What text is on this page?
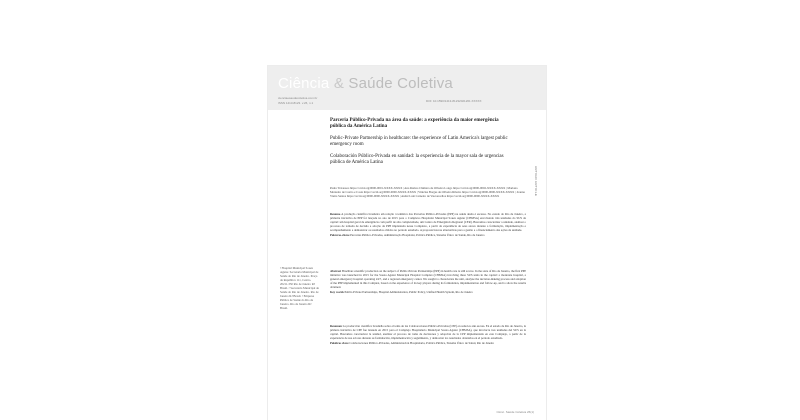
Ciência & Saúde Coletiva
cienciaesaudecoletiva.com.br
ISSN 1413-8123. v.26, n.1	DOI: 10.1590/1413-81232021261.XXXXX
ARTIGO ARTICLE
Parceria Público-Privada na área da saúde: a experiência da maior emergência pública da América Latina
Public-Private Partnership in healthcare: the experience of Latin America's largest public emergency room
Colaboración Público-Privada en sanidad: la experiencia de la mayor sala de urgencias pública de América Latina
Paula Travassos https://orcid.org/0000-0001-XXXX-XXXX | Ana Ramos Chimara de Oliveira Longo https://orcid.org/0000-0002-XXXX-XXXX | Mariana Monteiro de Castro e Costa https://orcid.org/0000-0000-XXXX-XXXX | Vinicius Borges de Oliveira Ribeiro https://orcid.org/0000-0000-XXXX-XXXX | Joanna Vieira Santos https://orcid.org/0000-0000-XXXX-XXXX | André Luiz Carneiro de Vasconcellos https://orcid.org/0000-0000-XXXX-XXXX
Resumo A produção científica brasileira em relação à temática das Parcerias Público-Privadas (PPP) na saúde ainda é escassa. No estado do Rio de Janeiro, a primeira iniciativa de PPP foi lançada no ano de 2015 para o Complexo Hospitalar Municipal Souza Aguiar (CHMSA) envolvendo três unidades do SUS da capital: um hospital geral de emergência com perfil de alta complexidade, um Centro de Emergência Regional (CER). Buscamos caracterizar a unidade, analisar o processo de tomada de decisão e adoção da PPP implantada nesse Complexo, a partir da experiência de seus atores durante a formulação, implementação e acompanhamento e demonstrar os resultados obtidos no período estudado. A proposta buscou alternativas para a gestão e o financiamento das ações da unidade.
Palavras-chave Parcerias Público-Privadas, Administração Hospitalar, Política Pública, Sistema Único de Saúde, Rio de Janeiro
Abstract Brazilian scientific production on the subject of Public-Private Partnerships (PPP) in health care is still scarce. In the state of Rio de Janeiro, the first PPP initiative was launched in 2015 for the Souza Aguiar Municipal Hospital Complex (CHMSA) involving three SUS units in the capital: a moderate hospital, a general emergency hospital operating 24/7, and a regional emergency center. We sought to characterize the unit, analyze the decision-making process and adoption of the PPP implemented in this Complex, based on the experience of its key players during its formulation, implementation and follow-up, and to show the results obtained.
Key words Public-Private Partnerships, Hospital Administration, Public Policy, Unified Health System, Rio de Janeiro
Resumen La producción científica brasileña sobre el tema de las Colaboraciones Público-Privadas (CPP) en salud es aún escasa. En el estado de Río de Janeiro, la primera iniciativa de CPP fue lanzada en 2015 para el Complejo Hospitalario Municipal Souza Aguiar (CHMSA), que involucra tres unidades del SUS en la capital. Buscamos caracterizar la unidad, analizar el proceso de toma de decisiones y adopción de la CPP implementada en este Complejo, a partir de la experiencia de sus actores durante su formulación, implementación y seguimiento, y demostrar los resultados obtenidos en el período estudiado.
Palabras clave Colaboraciones Público-Privadas, Administración Hospitalaria, Política Pública, Sistema Único de Salud, Río de Janeiro
¹ Hospital Municipal Souza Aguiar. Secretaria Municipal de Saúde do Rio de Janeiro. Praça da República 111, Centro. 20211-350 Rio de Janeiro RJ Brasil. ² Secretaria Municipal de Saúde do Rio de Janeiro. Rio de Janeiro RJ Brasil. ³ Empresa Pública de Saúde do Rio de Janeiro. Rio de Janeiro RJ Brasil.
Ciênc. Saúde Coletiva 26(1)
